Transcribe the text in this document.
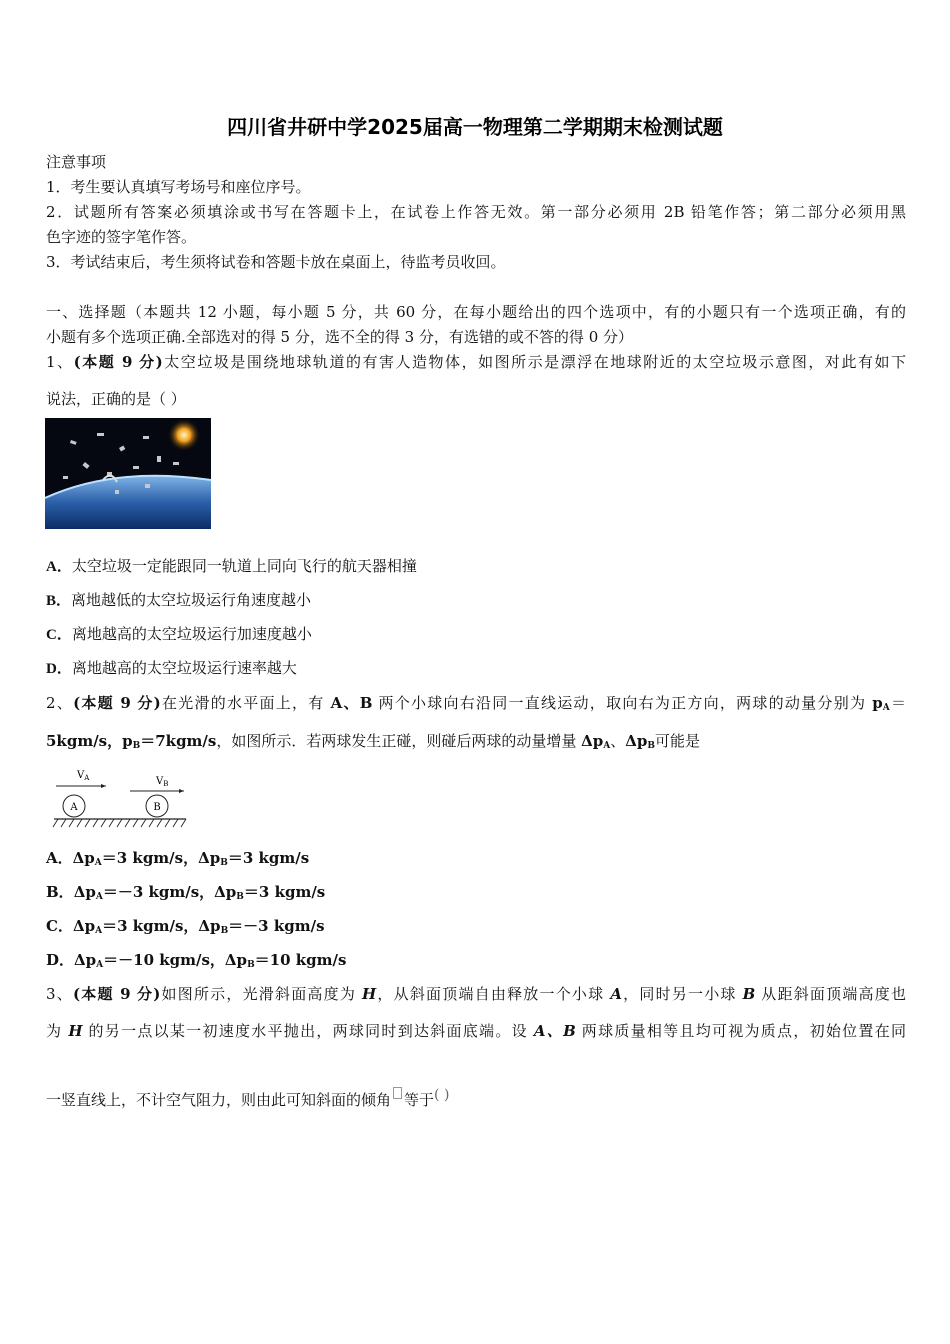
四川省井研中学2025届高一物理第二学期期末检测试题
注意事项
1．考生要认真填写考场号和座位序号。
2．试题所有答案必须填涂或书写在答题卡上，在试卷上作答无效。第一部分必须用 2B 铅笔作答；第二部分必须用黑
色字迹的签字笔作答。
3．考试结束后，考生须将试卷和答题卡放在桌面上，待监考员收回。
一、选择题（本题共 12 小题，每小题 5 分，共 60 分，在每小题给出的四个选项中，有的小题只有一个选项正确，有的
小题有多个选项正确.全部选对的得 5 分，选不全的得 3 分，有选错的或不答的得 0 分）
1、(本题 9 分)太空垃圾是围绕地球轨道的有害人造物体，如图所示是漂浮在地球附近的太空垃圾示意图，对此有如下
说法，正确的是（ ）
A．太空垃圾一定能跟同一轨道上同向飞行的航天器相撞
B．离地越低的太空垃圾运行角速度越小
C．离地越高的太空垃圾运行加速度越小
D．离地越高的太空垃圾运行速率越大
2、(本题 9 分)在光滑的水平面上，有 A、B 两个小球向右沿同一直线运动，取向右为正方向，两球的动量分别为 $p_A=$
5kgm/s，$p_B=7kgm/s$，如图所示．若两球发生正碰，则碰后两球的动量增量 $\Delta p_A$、$\Delta p_B$可能是
$V_A$	$V_B$
A	B
A．$\Delta p_A=3$ kgm/s，$\Delta p_B=3$ kgm/s
B．$\Delta p_A=-3$ kgm/s，$\Delta p_B=3$ kgm/s
C．$\Delta p_A=3$ kgm/s，$\Delta p_B=-3$ kgm/s
D．$\Delta p_A=-10$ kgm/s，$\Delta p_B=10$ kgm/s
3、(本题 9 分)如图所示，光滑斜面高度为 H，从斜面顶端自由释放一个小球 A，同时另一小球 B 从距斜面顶端高度也
为 H 的另一点以某一初速度水平抛出，两球同时到达斜面底端。设 A、B 两球质量相等且均可视为质点，初始位置在同
一竖直线上，不计空气阻力，则由此可知斜面的倾角 等于( )
